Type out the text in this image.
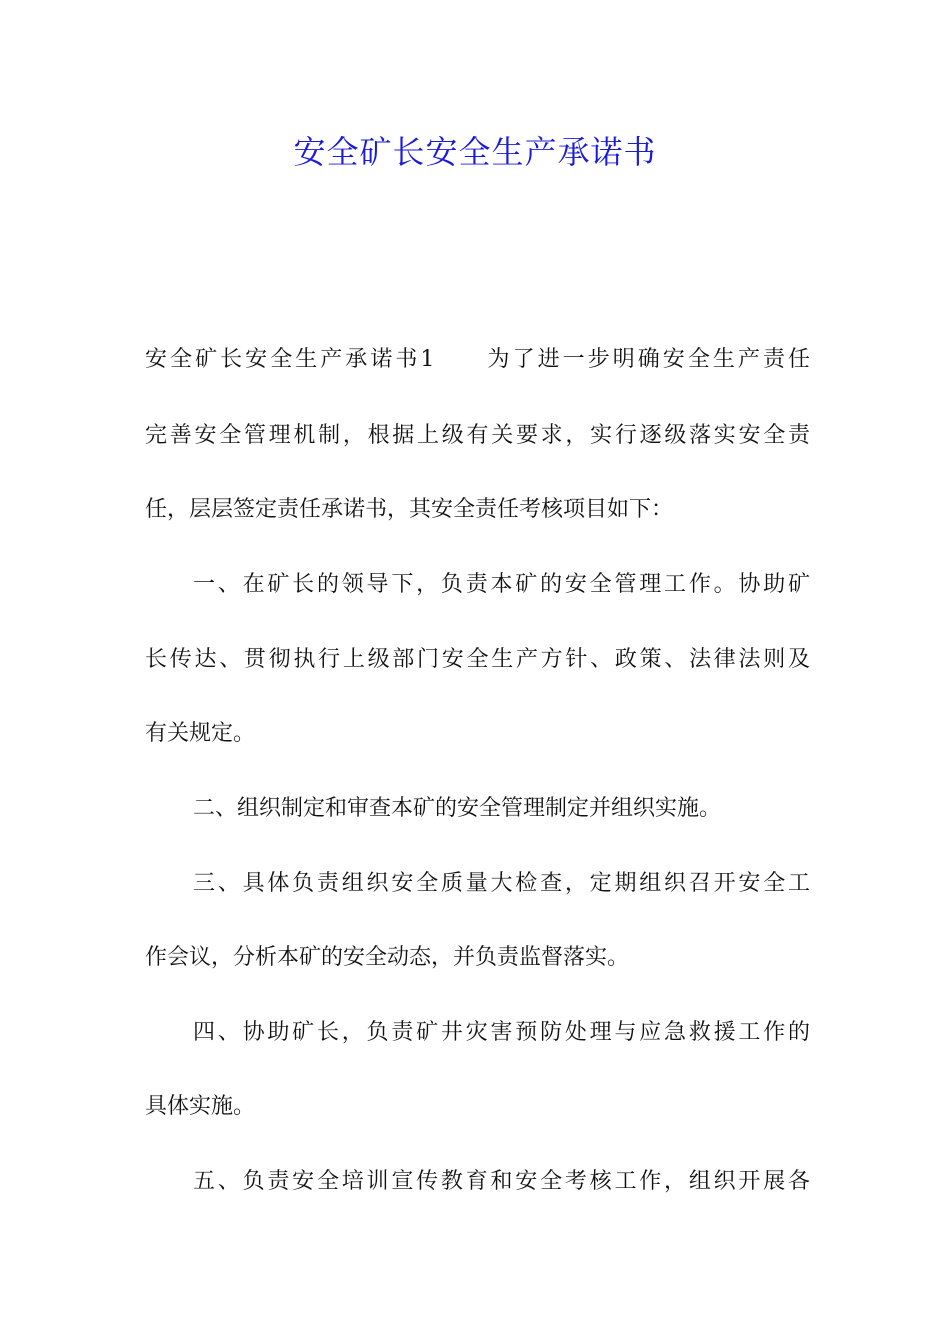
安全矿长安全生产承诺书
安全矿长安全生产承诺书1　　为了进一步明确安全生产责任
完善安全管理机制，根据上级有关要求，实行逐级落实安全责
任，层层签定责任承诺书，其安全责任考核项目如下：
一、在矿长的领导下，负责本矿的安全管理工作。协助矿
长传达、贯彻执行上级部门安全生产方针、政策、法律法则及
有关规定。
二、组织制定和审查本矿的安全管理制定并组织实施。
三、具体负责组织安全质量大检查，定期组织召开安全工
作会议，分析本矿的安全动态，并负责监督落实。
四、协助矿长，负责矿井灾害预防处理与应急救援工作的
具体实施。
五、负责安全培训宣传教育和安全考核工作，组织开展各
